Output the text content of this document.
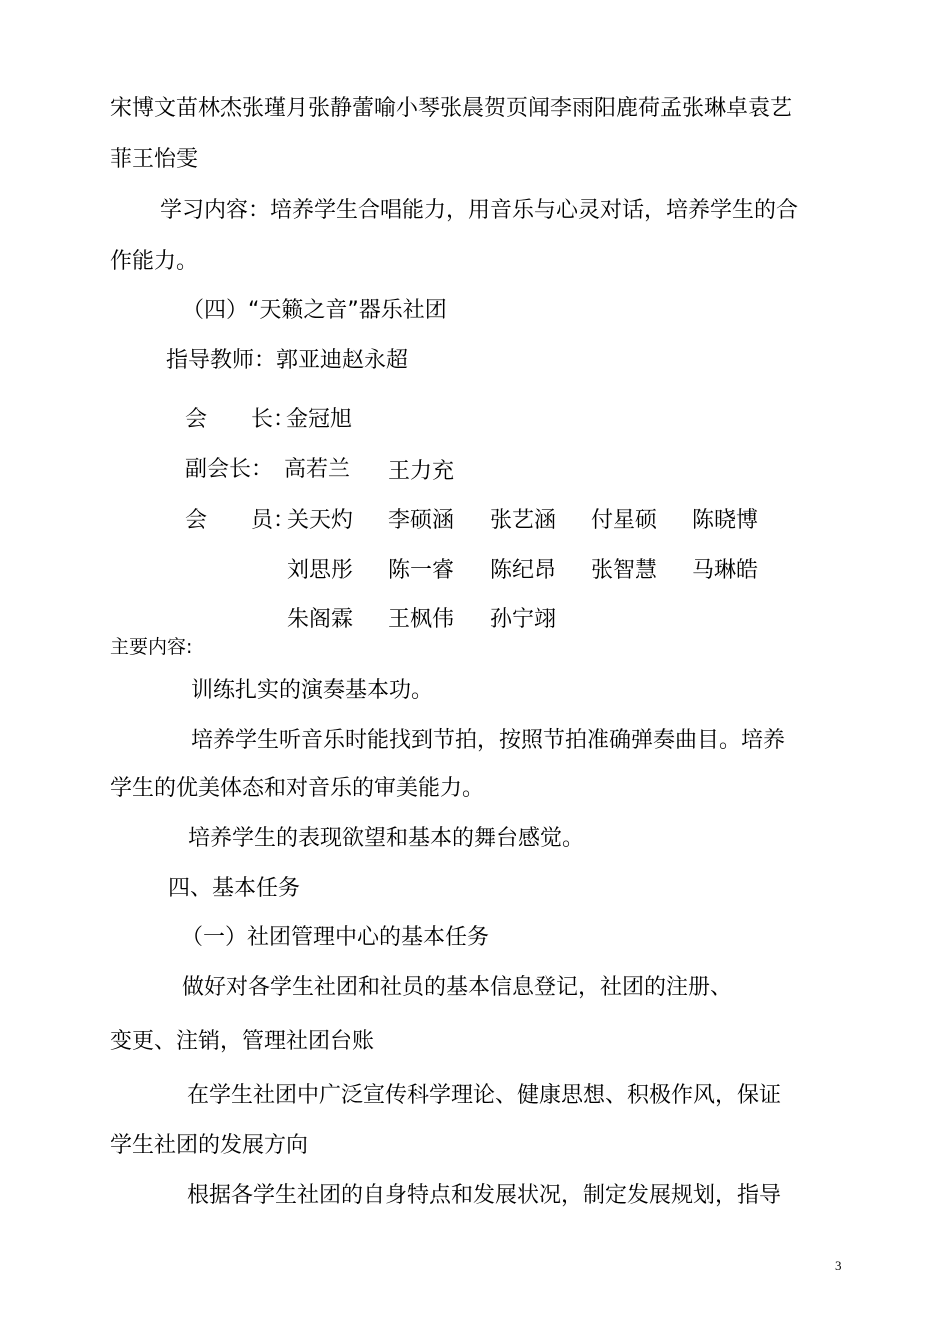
宋博文苗林杰张瑾月张静蕾喻小琴张晨贺页闻李雨阳鹿荷孟张琳卓袁艺
菲王怡雯
学习内容：培养学生合唱能力，用音乐与心灵对话，培养学生的合
作能力。
（四）“天籁之音”器乐社团
指导教师：郭亚迪赵永超
会　　长：
金冠旭
副会长： 高若兰 王力充
会　　员：
关天灼 李硕涵 张艺涵 付星硕 陈晓博
刘思彤 陈一睿 陈纪昂 张智慧 马琳皓
朱阁霖 王枫伟 孙宁翊
主要内容:
训练扎实的演奏基本功。
培养学生听音乐时能找到节拍，按照节拍准确弹奏曲目。培养
学生的优美体态和对音乐的审美能力。
培养学生的表现欲望和基本的舞台感觉。
四、基本任务
（一）社团管理中心的基本任务
做好对各学生社团和社员的基本信息登记，社团的注册、
变更、注销，管理社团台账
在学生社团中广泛宣传科学理论、健康思想、积极作风，保证
学生社团的发展方向
根据各学生社团的自身特点和发展状况，制定发展规划，指导
3
